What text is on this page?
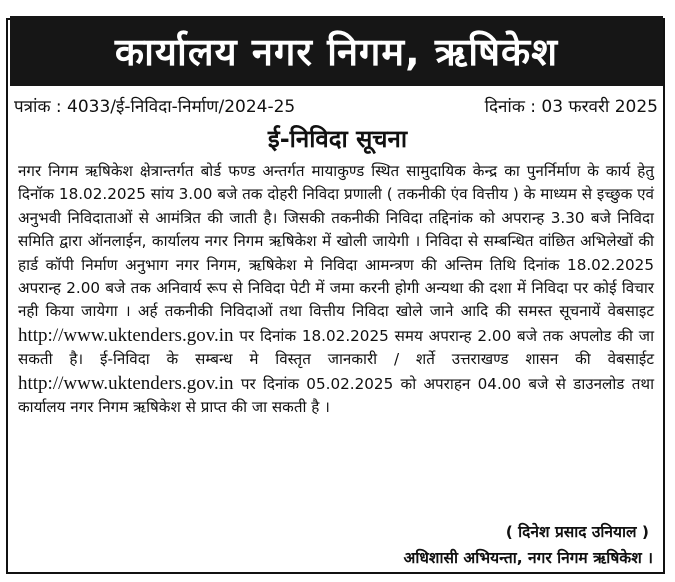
कार्यालय नगर निगम, ऋषिकेश
पत्रांक : 4033/ई-निविदा-निर्माण/2024-25	दिनांक : 03 फरवरी 2025
ई-निविदा सूचना
नगर निगम ऋषिकेश क्षेत्रान्तर्गत बोर्ड फण्ड अन्तर्गत मायाकुण्ड स्थित सामुदायिक केन्द्र का पुनर्निर्माण के कार्य हेतु दिनॉक 18.02.2025 सांय 3.00 बजे तक दोहरी निविदा प्रणाली ( तकनीकी एंव वित्तीय ) के माध्यम से इच्छुक एवं अनुभवी निविदाताओं से आमंत्रित की जाती है। जिसकी तकनीकी निविदा तद्दिनांक को अपरान्ह 3.30 बजे निविदा समिति द्वारा ऑनलाईन, कार्यालय नगर निगम ऋषिकेश में खोली जायेगी । निविदा से सम्बन्धित वांछित अभिलेखों की हार्ड कॉपी निर्माण अनुभाग नगर निगम, ऋषिकेश मे निविदा आमन्त्रण की अन्तिम तिथि दिनांक 18.02.2025 अपरान्ह 2.00 बजे तक अनिवार्य रूप से निविदा पेटी में जमा करनी होगी अन्यथा की दशा में निविदा पर कोई विचार नही किया जायेगा । अर्ह तकनीकी निविदाओं तथा वित्तीय निविदा खोले जाने आदि की समस्त सूचनायें वेबसाइट http://www.uktenders.gov.in पर दिनांक 18.02.2025 समय अपरान्ह 2.00 बजे तक अपलोड की जा सकती है। ई-निविदा के सम्बन्ध मे विस्तृत जानकारी / शर्ते उत्तराखण्ड शासन की वेबसाईट http://www.uktenders.gov.in पर दिनांक 05.02.2025 को अपराहन 04.00 बजे से डाउनलोड तथा कार्यालय नगर निगम ऋषिकेश से प्राप्त की जा सकती है ।
( दिनेश प्रसाद उनियाल )
अधिशासी अभियन्ता, नगर निगम ऋषिकेश ।
